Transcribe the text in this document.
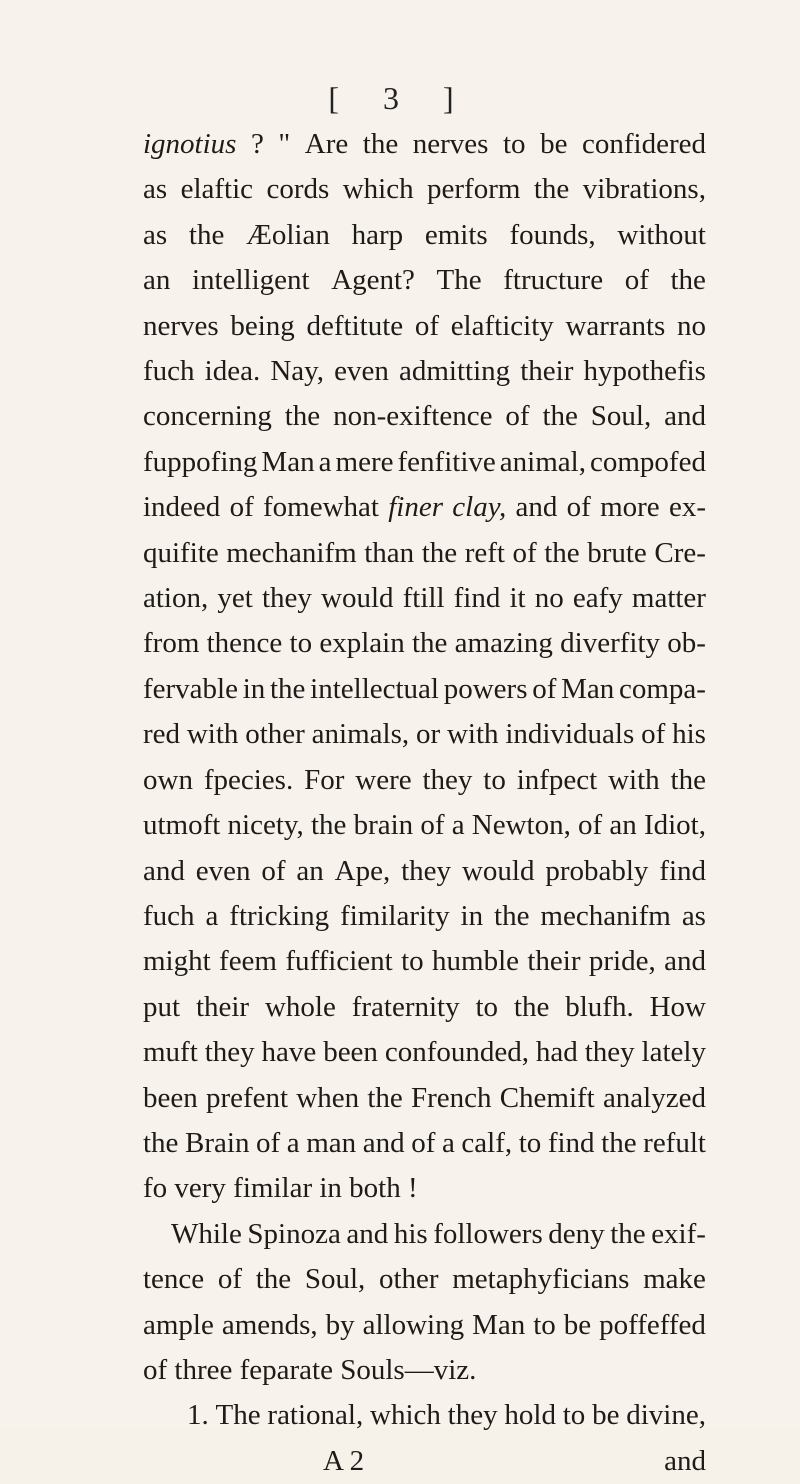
[ 3 ]
ignotius ? " Are the nerves to be confidered
as elaftic cords which perform the vibrations,
as the Æolian harp emits founds, without
an intelligent Agent? The ftructure of the
nerves being deftitute of elafticity warrants no
fuch idea. Nay, even admitting their hypothefis
concerning the non-exiftence of the Soul, and
fuppofing Man a mere fenfitive animal, compofed
indeed of fomewhat finer clay, and of more ex-
quifite mechanifm than the reft of the brute Cre-
ation, yet they would ftill find it no eafy matter
from thence to explain the amazing diverfity ob-
fervable in the intellectual powers of Man compa-
red with other animals, or with individuals of his
own fpecies. For were they to infpect with the
utmoft nicety, the brain of a Newton, of an Idiot,
and even of an Ape, they would probably find
fuch a ftricking fimilarity in the mechanifm as
might feem fufficient to humble their pride, and
put their whole fraternity to the blufh. How
muft they have been confounded, had they lately
been prefent when the French Chemift analyzed
the Brain of a man and of a calf, to find the refult
fo very fimilar in both !
While Spinoza and his followers deny the exif-
tence of the Soul, other metaphyficians make
ample amends, by allowing Man to be poffeffed
of three feparate Souls—viz.
1. The rational, which they hold to be divine,
A 2	and
